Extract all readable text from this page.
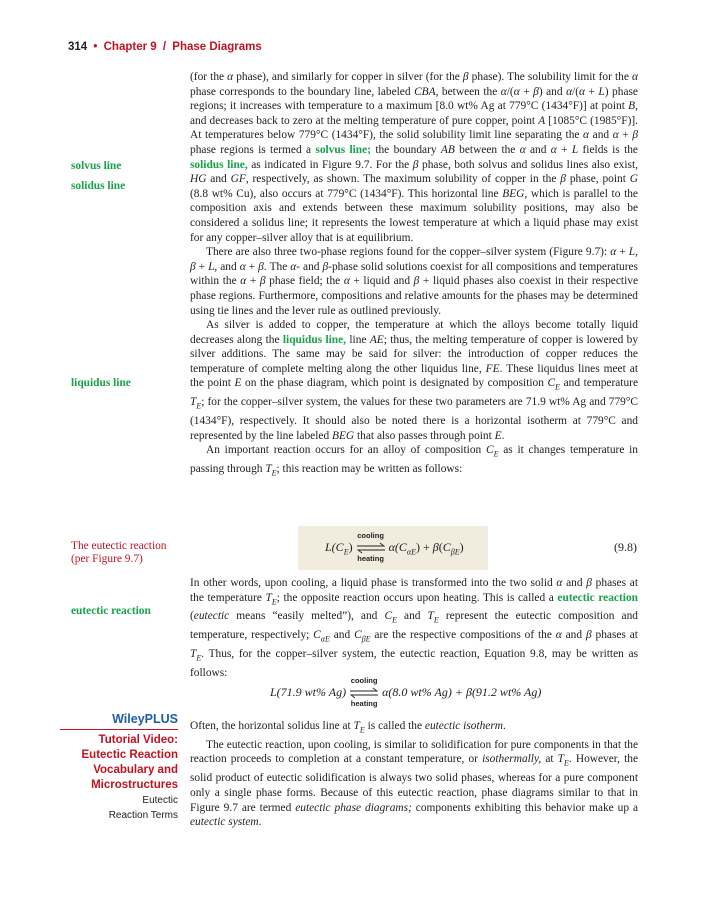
314 • Chapter 9 / Phase Diagrams
solvus line
solidus line
liquidus line
The eutectic reaction
(per Figure 9.7)
eutectic reaction

(for the α phase), and similarly for copper in silver (for the β phase). The solubility limit for the α phase corresponds to the boundary line, labeled CBA, between the α/(α + β) and α/(α + L) phase regions; it increases with temperature to a maximum [8.0 wt% Ag at 779°C (1434°F)] at point B, and decreases back to zero at the melting temperature of pure copper, point A [1085°C (1985°F)]. At temperatures below 779°C (1434°F), the solid solubility limit line separating the α and α + β phase regions is termed a solvus line; the boundary AB between the α and α + L fields is the solidus line, as indicated in Figure 9.7. For the β phase, both solvus and solidus lines also exist, HG and GF, respectively, as shown. The maximum solubility of copper in the β phase, point G (8.8 wt% Cu), also occurs at 779°C (1434°F). This horizontal line BEG, which is parallel to the composition axis and extends between these maximum solubility positions, may also be considered a solidus line; it represents the lowest temperature at which a liquid phase may exist for any copper–silver alloy that is at equilibrium.

There are also three two-phase regions found for the copper–silver system (Figure 9.7): α + L, β + L, and α + β. The α- and β-phase solid solutions coexist for all compositions and temperatures within the α + β phase field; the α + liquid and β + liquid phases also coexist in their respective phase regions. Furthermore, compositions and relative amounts for the phases may be determined using tie lines and the lever rule as outlined previously.

As silver is added to copper, the temperature at which the alloys become totally liquid decreases along the liquidus line, line AE; thus, the melting temperature of copper is lowered by silver additions. The same may be said for silver: the introduction of copper reduces the temperature of complete melting along the other liquidus line, FE. These liquidus lines meet at the point E on the phase diagram, which point is designated by composition $C_E$ and temperature $T_E$; for the copper–silver system, the values for these two parameters are 71.9 wt% Ag and 779°C (1434°F), respectively. It should also be noted there is a horizontal isotherm at 779°C and represented by the line labeled BEG that also passes through point E.

An important reaction occurs for an alloy of composition $C_E$ as it changes temperature in passing through $T_E$; this reaction may be written as follows:

$L(C_E)$
cooling
heating
$\alpha(C_{\alpha E}) + \beta(C_{\beta E})$	(9.8)

In other words, upon cooling, a liquid phase is transformed into the two solid α and β phases at the temperature $T_E$; the opposite reaction occurs upon heating. This is called a eutectic reaction (eutectic means “easily melted”), and $C_E$ and $T_E$ represent the eutectic composition and temperature, respectively; $C_{\alpha E}$ and $C_{\beta E}$ are the respective compositions of the α and β phases at $T_E$. Thus, for the copper–silver system, the eutectic reaction, Equation 9.8, may be written as follows:

L(71.9 wt% Ag)
cooling
heating
α(8.0 wt% Ag) + β(91.2 wt% Ag)

Often, the horizontal solidus line at $T_E$ is called the eutectic isotherm.

The eutectic reaction, upon cooling, is similar to solidification for pure components in that the reaction proceeds to completion at a constant temperature, or isothermally, at $T_E$. However, the solid product of eutectic solidification is always two solid phases, whereas for a pure component only a single phase forms. Because of this eutectic reaction, phase diagrams similar to that in Figure 9.7 are termed eutectic phase diagrams; components exhibiting this behavior make up a eutectic system.

WileyPLUS
Tutorial Video:
Eutectic Reaction
Vocabulary and
Microstructures
Eutectic
Reaction Terms
